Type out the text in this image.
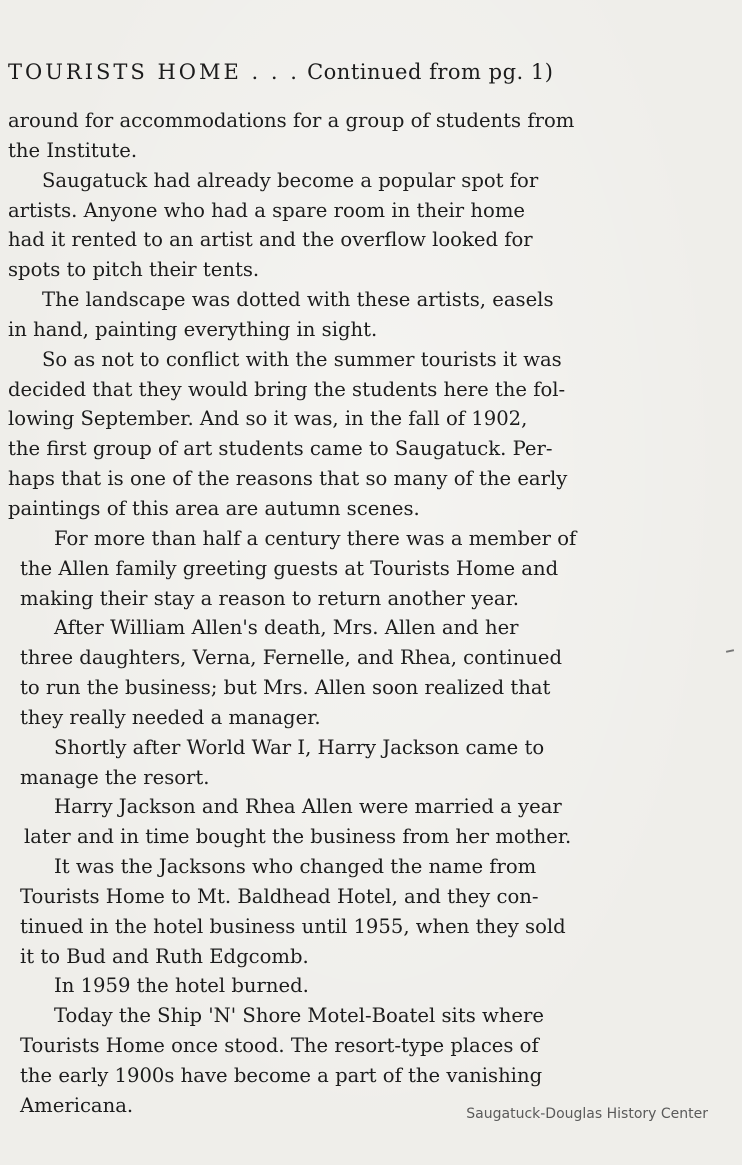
TOURISTS HOME . . . Continued from pg. 1)
around for accommodations for a group of students from
the Institute.
Saugatuck had already become a popular spot for
artists. Anyone who had a spare room in their home
had it rented to an artist and the overflow looked for
spots to pitch their tents.
The landscape was dotted with these artists, easels
in hand, painting everything in sight.
So as not to conflict with the summer tourists it was
decided that they would bring the students here the fol-
lowing September. And so it was, in the fall of 1902,
the first group of art students came to Saugatuck. Per-
haps that is one of the reasons that so many of the early
paintings of this area are autumn scenes.
For more than half a century there was a member of
the Allen family greeting guests at Tourists Home and
making their stay a reason to return another year.
After William Allen's death, Mrs. Allen and her
three daughters, Verna, Fernelle, and Rhea, continued
to run the business; but Mrs. Allen soon realized that
they really needed a manager.
Shortly after World War I, Harry Jackson came to
manage the resort.
Harry Jackson and Rhea Allen were married a year
later and in time bought the business from her mother.
It was the Jacksons who changed the name from
Tourists Home to Mt. Baldhead Hotel, and they con-
tinued in the hotel business until 1955, when they sold
it to Bud and Ruth Edgcomb.
In 1959 the hotel burned.
Today the Ship 'N' Shore Motel-Boatel sits where
Tourists Home once stood. The resort-type places of
the early 1900s have become a part of the vanishing
Americana.	Saugatuck-Douglas History Center
